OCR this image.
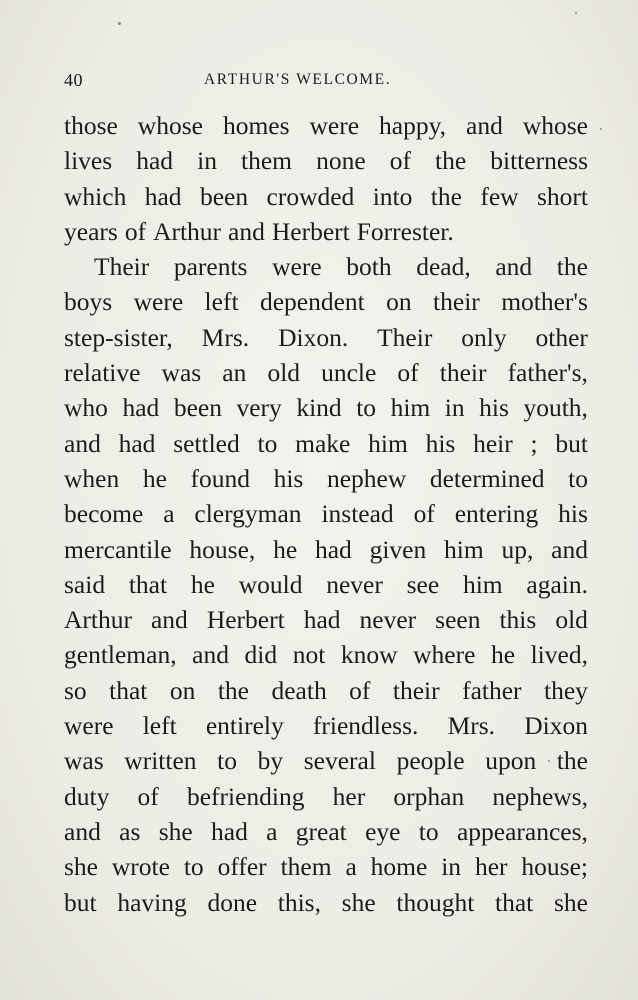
40	ARTHUR'S WELCOME.
those whose homes were happy, and whose
lives had in them none of the bitterness
which had been crowded into the few short
years of Arthur and Herbert Forrester.
Their parents were both dead, and the
boys were left dependent on their mother's
step-sister, Mrs. Dixon. Their only other
relative was an old uncle of their father's,
who had been very kind to him in his youth,
and had settled to make him his heir ; but
when he found his nephew determined to
become a clergyman instead of entering his
mercantile house, he had given him up, and
said that he would never see him again.
Arthur and Herbert had never seen this old
gentleman, and did not know where he lived,
so that on the death of their father they
were left entirely friendless. Mrs. Dixon
was written to by several people upon the
duty of befriending her orphan nephews,
and as she had a great eye to appearances,
she wrote to offer them a home in her house;
but having done this, she thought that she
